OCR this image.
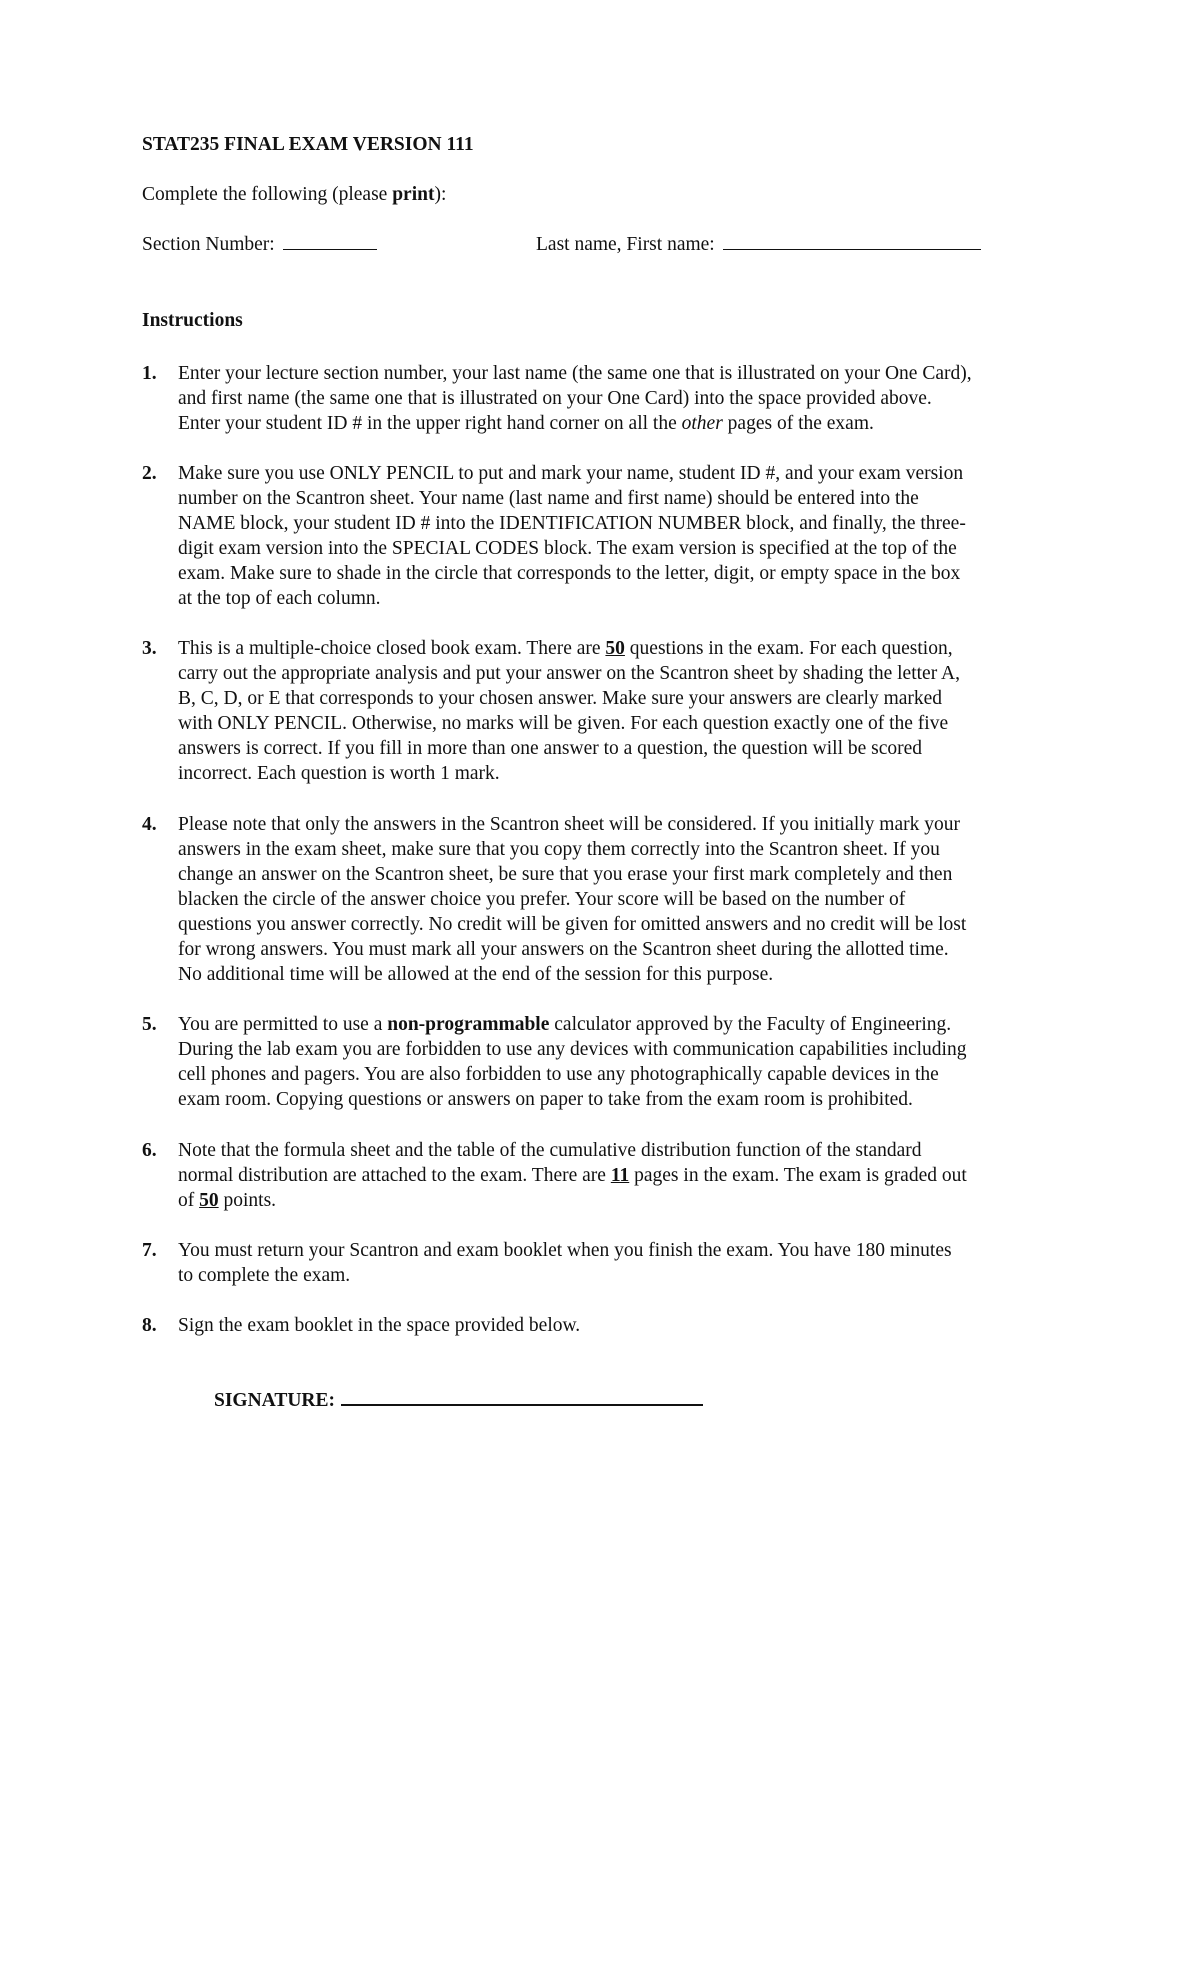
STAT235 FINAL EXAM VERSION 111
Complete the following (please print):
Section Number:	Last name, First name:
Instructions
1. Enter your lecture section number, your last name (the same one that is illustrated on your One Card),
and first name (the same one that is illustrated on your One Card) into the space provided above.
Enter your student ID # in the upper right hand corner on all the other pages of the exam.
2. Make sure you use ONLY PENCIL to put and mark your name, student ID #, and your exam version
number on the Scantron sheet. Your name (last name and first name) should be entered into the
NAME block, your student ID # into the IDENTIFICATION NUMBER block, and finally, the three-
digit exam version into the SPECIAL CODES block. The exam version is specified at the top of the
exam. Make sure to shade in the circle that corresponds to the letter, digit, or empty space in the box
at the top of each column.
3. This is a multiple-choice closed book exam. There are 50 questions in the exam. For each question,
carry out the appropriate analysis and put your answer on the Scantron sheet by shading the letter A,
B, C, D, or E that corresponds to your chosen answer. Make sure your answers are clearly marked
with ONLY PENCIL. Otherwise, no marks will be given. For each question exactly one of the five
answers is correct. If you fill in more than one answer to a question, the question will be scored
incorrect. Each question is worth 1 mark.
4. Please note that only the answers in the Scantron sheet will be considered. If you initially mark your
answers in the exam sheet, make sure that you copy them correctly into the Scantron sheet. If you
change an answer on the Scantron sheet, be sure that you erase your first mark completely and then
blacken the circle of the answer choice you prefer. Your score will be based on the number of
questions you answer correctly. No credit will be given for omitted answers and no credit will be lost
for wrong answers. You must mark all your answers on the Scantron sheet during the allotted time.
No additional time will be allowed at the end of the session for this purpose.
5. You are permitted to use a non-programmable calculator approved by the Faculty of Engineering.
During the lab exam you are forbidden to use any devices with communication capabilities including
cell phones and pagers. You are also forbidden to use any photographically capable devices in the
exam room. Copying questions or answers on paper to take from the exam room is prohibited.
6. Note that the formula sheet and the table of the cumulative distribution function of the standard
normal distribution are attached to the exam. There are 11 pages in the exam. The exam is graded out
of 50 points.
7. You must return your Scantron and exam booklet when you finish the exam. You have 180 minutes
to complete the exam.
8. Sign the exam booklet in the space provided below.
SIGNATURE:
